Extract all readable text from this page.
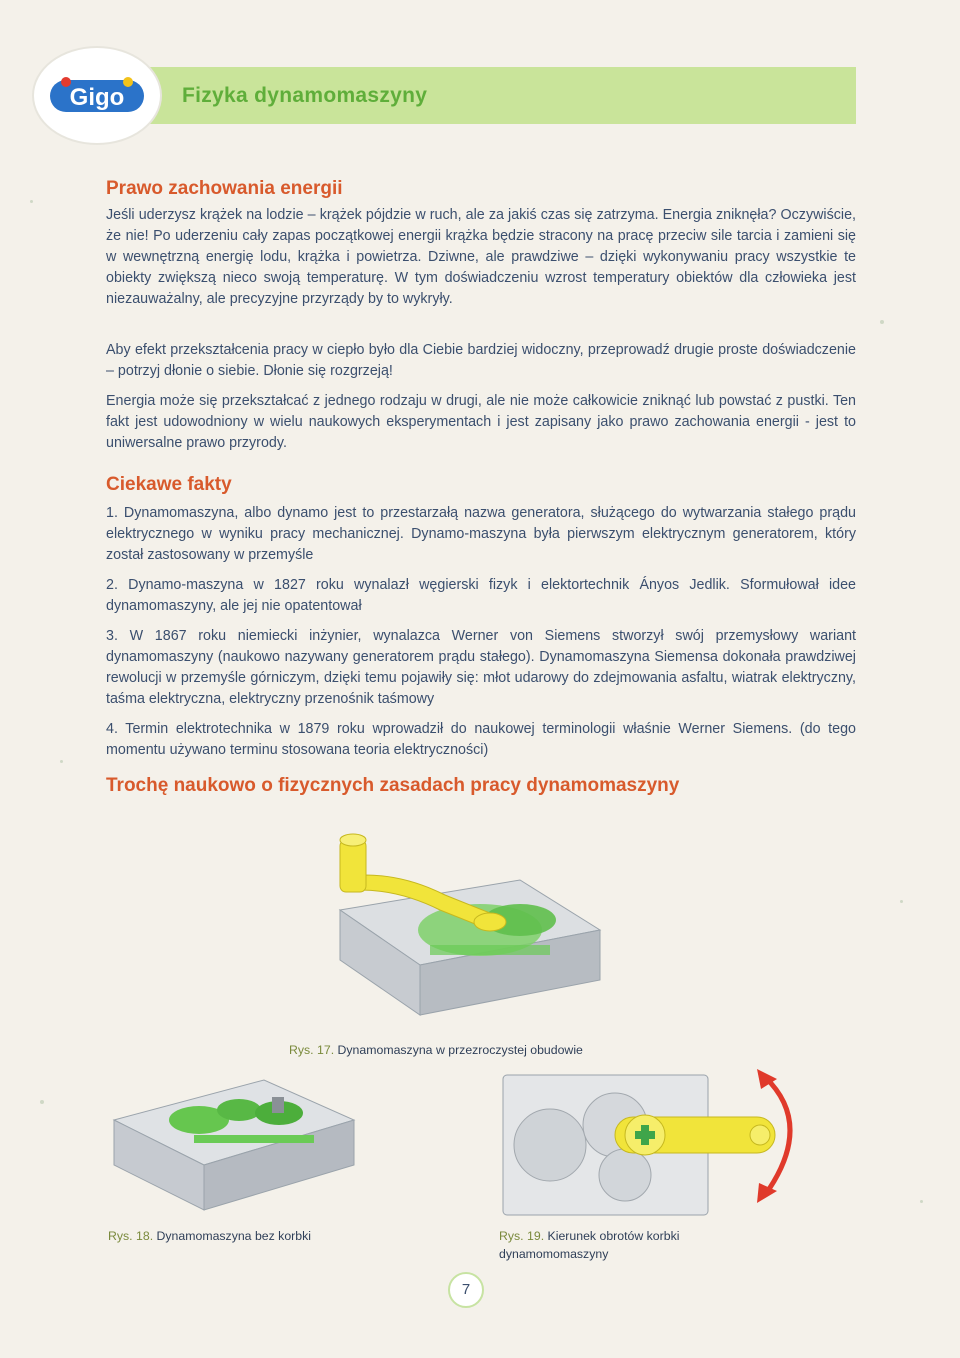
Gigo	Fizyka dynamomaszyny
Prawo zachowania energii

Jeśli uderzysz krążek na lodzie – krążek pójdzie w ruch, ale za jakiś czas się zatrzyma. Energia zniknęła? Oczywiście, że nie! Po uderzeniu cały zapas początkowej energii krążka będzie stracony na pracę przeciw sile tarcia i zamieni się w wewnętrzną energię lodu, krążka i powietrza. Dziwne, ale prawdziwe – dzięki wykonywaniu pracy wszystkie te obiekty zwiększą nieco swoją temperaturę. W tym doświadczeniu wzrost temperatury obiektów dla człowieka jest niezauważalny, ale precyzyjne przyrządy by to wykryły.

Aby efekt przekształcenia pracy w ciepło było dla Ciebie bardziej widoczny, przeprowadź drugie proste doświadczenie – potrzyj dłonie o siebie. Dłonie się rozgrzeją!

Energia może się przekształcać z jednego rodzaju w drugi, ale nie może całkowicie zniknąć lub powstać z pustki. Ten fakt jest udowodniony w wielu naukowych eksperymentach i jest zapisany jako prawo zachowania energii - jest to uniwersalne prawo przyrody.

Ciekawe fakty

1. Dynamomaszyna, albo dynamo jest to przestarzałą nazwa generatora, służącego do wytwarzania stałego prądu elektrycznego w wyniku pracy mechanicznej. Dynamo-maszyna była pierwszym elektrycznym generatorem, który został zastosowany w przemyśle

2. Dynamo-maszyna w 1827 roku wynalazł węgierski fizyk i elektortechnik Ányos Jedlik. Sformułował idee dynamomaszyny, ale jej nie opatentował

3. W 1867 roku niemiecki inżynier, wynalazca Werner von Siemens stworzył swój przemysłowy wariant dynamomaszyny (naukowo nazywany generatorem prądu stałego). Dynamomaszyna Siemensa dokonała prawdziwej rewolucji w przemyśle górniczym, dzięki temu pojawiły się: młot udarowy do zdejmowania asfaltu, wiatrak elektryczny, taśma elektryczna, elektryczny przenośnik taśmowy

4. Termin elektrotechnika w 1879 roku wprowadził do naukowej terminologii właśnie Werner Siemens. (do tego momentu używano terminu stosowana teoria elektryczności)

Trochę naukowo o fizycznych zasadach pracy dynamomaszyny
Rys. 17. Dynamomaszyna w przezroczystej obudowie
Rys. 18. Dynamomaszyna bez korbki	Rys. 19. Kierunek obrotów korbki dynamomomaszyny
7
